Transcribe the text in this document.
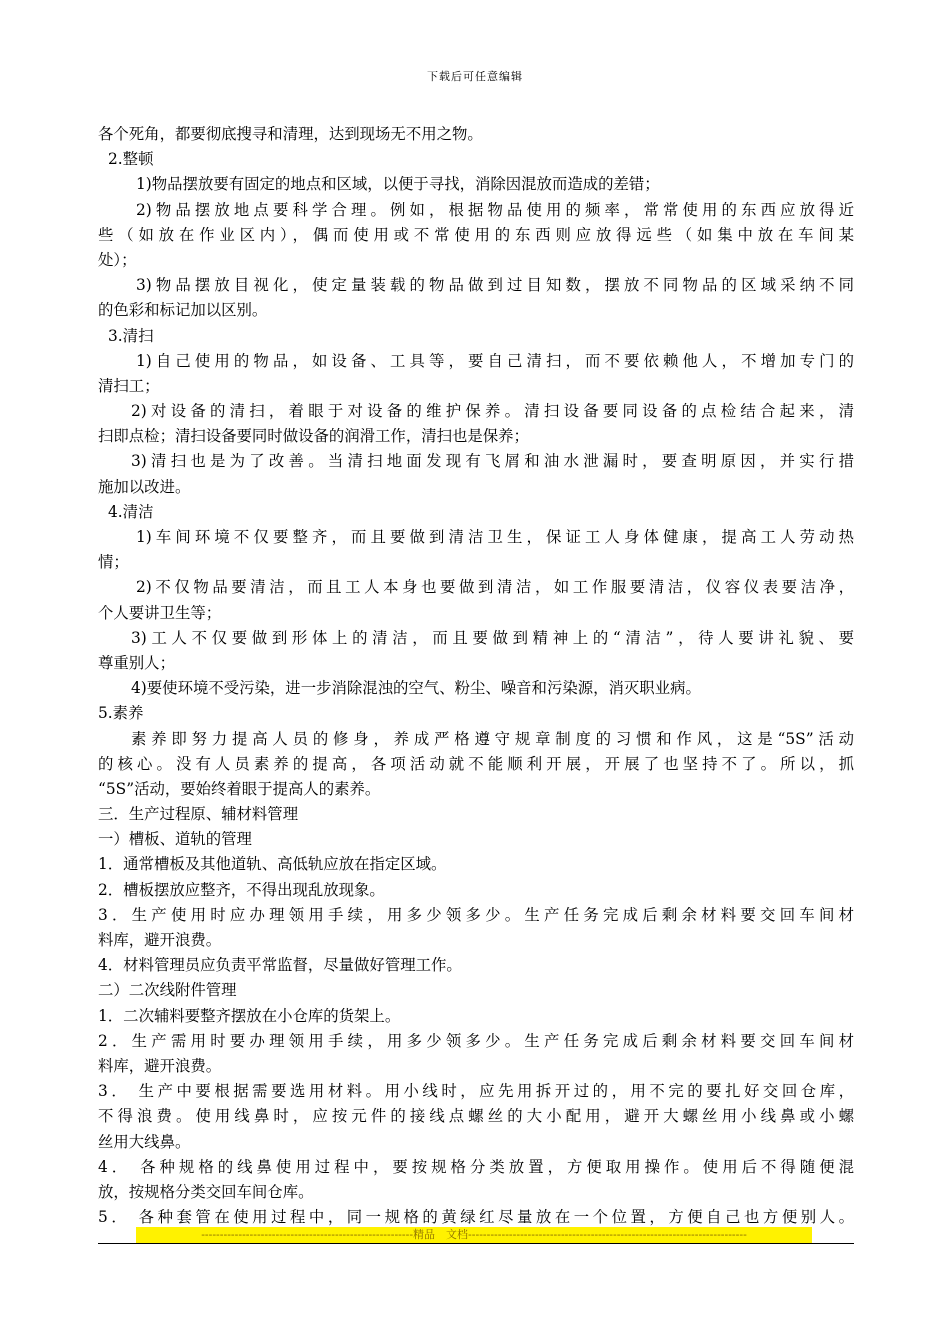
下载后可任意编辑
各个死角，都要彻底搜寻和清理，达到现场无不用之物。
2.整顿
1)物品摆放要有固定的地点和区域，以便于寻找，消除因混放而造成的差错；
2)物品摆放地点要科学合理。例如，根据物品使用的频率，常常使用的东西应放得近
些（如放在作业区内），偶而使用或不常使用的东西则应放得远些（如集中放在车间某
处）；
3)物品摆放目视化，使定量装载的物品做到过目知数，摆放不同物品的区域采纳不同
的色彩和标记加以区别。
3.清扫
1)自己使用的物品，如设备、工具等，要自己清扫，而不要依赖他人，不增加专门的
清扫工；
2)对设备的清扫，着眼于对设备的维护保养。清扫设备要同设备的点检结合起来，清
扫即点检；清扫设备要同时做设备的润滑工作，清扫也是保养；
3)清扫也是为了改善。当清扫地面发现有飞屑和油水泄漏时，要查明原因，并实行措
施加以改进。
4.清洁
1)车间环境不仅要整齐，而且要做到清洁卫生，保证工人身体健康，提高工人劳动热
情；
2)不仅物品要清洁，而且工人本身也要做到清洁，如工作服要清洁，仪容仪表要洁净，
个人要讲卫生等；
3)工人不仅要做到形体上的清洁，而且要做到精神上的“清洁”，待人要讲礼貌、要
尊重别人；
4)要使环境不受污染，进一步消除混浊的空气、粉尘、噪音和污染源，消灭职业病。
5.素养
素养即努力提高人员的修身，养成严格遵守规章制度的习惯和作风，这是“5S”活动
的核心。没有人员素养的提高，各项活动就不能顺利开展，开展了也坚持不了。所以，抓
“5S”活动，要始终着眼于提高人的素养。
三．生产过程原、辅材料管理
一）槽板、道轨的管理
1．通常槽板及其他道轨、高低轨应放在指定区域。
2．槽板摆放应整齐，不得出现乱放现象。
3．生产使用时应办理领用手续，用多少领多少。生产任务完成后剩余材料要交回车间材
料库，避开浪费。
4．材料管理员应负责平常监督，尽量做好管理工作。
二）二次线附件管理
1．二次辅料要整齐摆放在小仓库的货架上。
2．生产需用时要办理领用手续，用多少领多少。生产任务完成后剩余材料要交回车间材
料库，避开浪费。
3． 生产中要根据需要选用材料。用小线时，应先用拆开过的，用不完的要扎好交回仓库，
不得浪费。使用线鼻时，应按元件的接线点螺丝的大小配用，避开大螺丝用小线鼻或小螺
丝用大线鼻。
4． 各种规格的线鼻使用过程中，要按规格分类放置，方便取用操作。使用后不得随便混
放，按规格分类交回车间仓库。
5． 各种套管在使用过程中，同一规格的黄绿红尽量放在一个位置，方便自己也方便别人。
---------------------------------------------------------精品　文档---------------------------------------------------------------------------
